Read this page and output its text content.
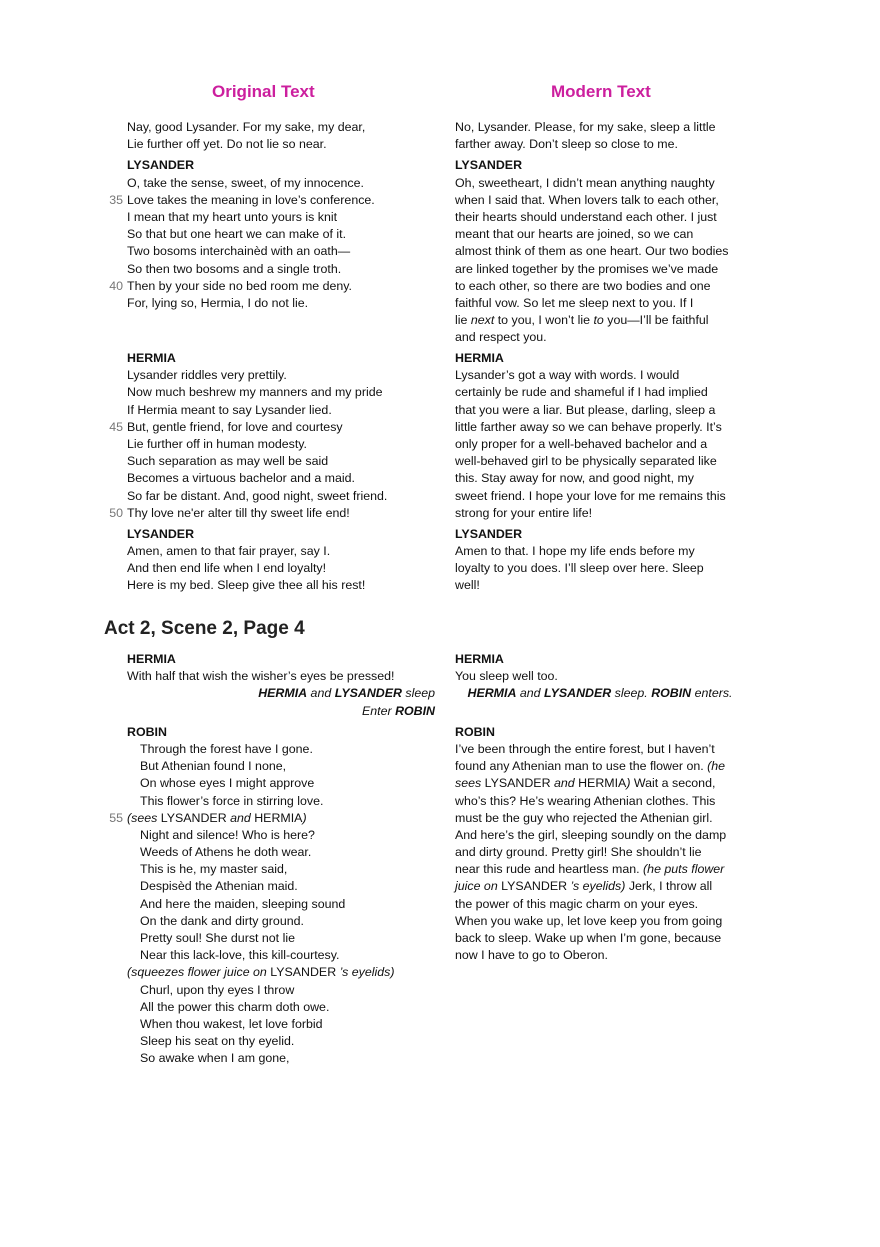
Original Text	Modern Text
Nay, good Lysander. For my sake, my dear,
Lie further off yet. Do not lie so near.
LYSANDER
O, take the sense, sweet, of my innocence.
35 Love takes the meaning in love’s conference.
I mean that my heart unto yours is knit
So that but one heart we can make of it.
Two bosoms interchainèd with an oath—
So then two bosoms and a single troth.
40 Then by your side no bed room me deny.
For, lying so, Hermia, I do not lie.
No, Lysander. Please, for my sake, sleep a little
farther away. Don’t sleep so close to me.
LYSANDER
Oh, sweetheart, I didn’t mean anything naughty
when I said that. When lovers talk to each other,
their hearts should understand each other. I just
meant that our hearts are joined, so we can
almost think of them as one heart. Our two bodies
are linked together by the promises we’ve made
to each other, so there are two bodies and one
faithful vow. So let me sleep next to you. If I
lie next to you, I won’t lie to you—I’ll be faithful
and respect you.
HERMIA
Lysander riddles very prettily.
Now much beshrew my manners and my pride
If Hermia meant to say Lysander lied.
45 But, gentle friend, for love and courtesy
Lie further off in human modesty.
Such separation as may well be said
Becomes a virtuous bachelor and a maid.
So far be distant. And, good night, sweet friend.
50 Thy love ne'er alter till thy sweet life end!
LYSANDER
Amen, amen to that fair prayer, say I.
And then end life when I end loyalty!
Here is my bed. Sleep give thee all his rest!
HERMIA
Lysander’s got a way with words. I would
certainly be rude and shameful if I had implied
that you were a liar. But please, darling, sleep a
little farther away so we can behave properly. It’s
only proper for a well-behaved bachelor and a
well-behaved girl to be physically separated like
this. Stay away for now, and good night, my
sweet friend. I hope your love for me remains this
strong for your entire life!
LYSANDER
Amen to that. I hope my life ends before my
loyalty to you does. I’ll sleep over here. Sleep
well!
Act 2, Scene 2, Page 4
HERMIA
With half that wish the wisher’s eyes be pressed!
HERMIA and LYSANDER sleep
Enter ROBIN
ROBIN
Through the forest have I gone.
But Athenian found I none,
On whose eyes I might approve
This flower’s force in stirring love.
55 (sees LYSANDER and HERMIA)
Night and silence! Who is here?
Weeds of Athens he doth wear.
This is he, my master said,
Despisèd the Athenian maid.
And here the maiden, sleeping sound
On the dank and dirty ground.
Pretty soul! She durst not lie
Near this lack-love, this kill-courtesy.
(squeezes flower juice on LYSANDER ’s eyelids)
Churl, upon thy eyes I throw
All the power this charm doth owe.
When thou wakest, let love forbid
Sleep his seat on thy eyelid.
So awake when I am gone,
HERMIA
You sleep well too.
HERMIA and LYSANDER sleep. ROBIN enters.
ROBIN
I’ve been through the entire forest, but I haven’t
found any Athenian man to use the flower on. (he
sees LYSANDER and HERMIA) Wait a second,
who’s this? He’s wearing Athenian clothes. This
must be the guy who rejected the Athenian girl.
And here’s the girl, sleeping soundly on the damp
and dirty ground. Pretty girl! She shouldn’t lie
near this rude and heartless man. (he puts flower
juice on LYSANDER ’s eyelids) Jerk, I throw all
the power of this magic charm on your eyes.
When you wake up, let love keep you from going
back to sleep. Wake up when I’m gone, because
now I have to go to Oberon.
